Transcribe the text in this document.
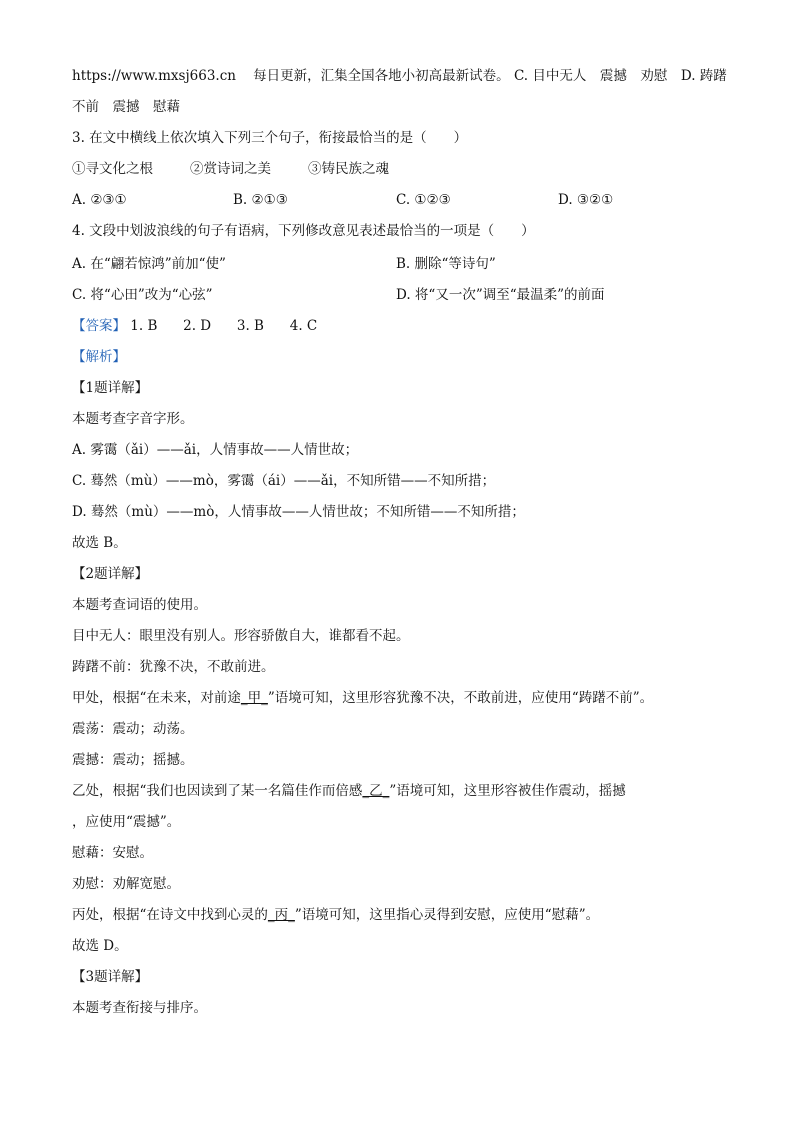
https://www.mxsj663.cn 每日更新，汇集全国各地小初高最新试卷。 C. 目中无人　震撼　劝慰　D. 踌躇
不前　震撼　慰藉
3. 在文中横线上依次填入下列三个句子，衔接最恰当的是（　　）
①寻文化之根	②赏诗词之美	③铸民族之魂
A. ②③①	B. ②①③	C. ①②③	D. ③②①
4. 文段中划波浪线的句子有语病，下列修改意见表述最恰当的一项是（　　）
A. 在“翩若惊鸿”前加“使”	B. 删除“等诗句”
C. 将“心田”改为“心弦”	D. 将“又一次”调至“最温柔”的前面
【答案】 1. B 2. D 3. B 4. C
【解析】
【1题详解】
本题考查字音字形。
A. 雾霭（ǎi）——ǎi，人情事故——人情世故；
C. 蓦然（mù）——mò，雾霭（ái）——ǎi，不知所错——不知所措；
D. 蓦然（mù）——mò，人情事故——人情世故；不知所错——不知所措；
故选 B。
【2题详解】
本题考查词语的使用。
目中无人：眼里没有别人。形容骄傲自大，谁都看不起。
踌躇不前：犹豫不决，不敢前进。
甲处，根据“在未来，对前途_甲_”语境可知，这里形容犹豫不决，不敢前进，应使用“踌躇不前”。
震荡：震动；动荡。
震撼：震动；摇撼。
乙处，根据“我们也因读到了某一名篇佳作而倍感_乙_”语境可知，这里形容被佳作震动，摇撼
，应使用“震撼”。
慰藉：安慰。
劝慰：劝解宽慰。
丙处，根据“在诗文中找到心灵的_丙_”语境可知，这里指心灵得到安慰，应使用“慰藉”。
故选 D。
【3题详解】
本题考查衔接与排序。
